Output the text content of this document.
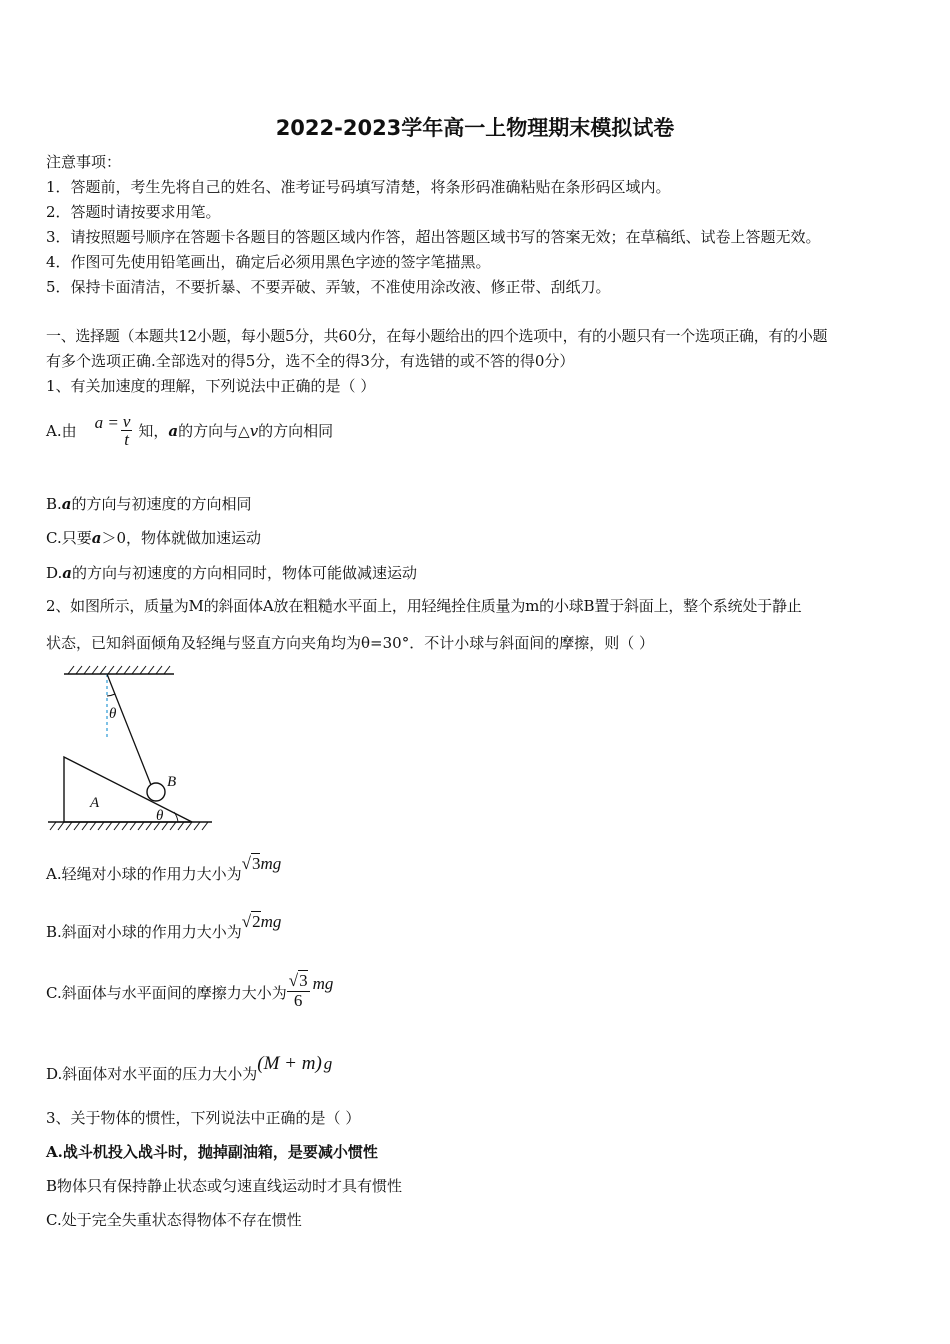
2022-2023学年高一上物理期末模拟试卷
注意事项：
1．答题前，考生先将自己的姓名、准考证号码填写清楚，将条形码准确粘贴在条形码区域内。
2．答题时请按要求用笔。
3．请按照题号顺序在答题卡各题目的答题区域内作答，超出答题区域书写的答案无效；在草稿纸、试卷上答题无效。
4．作图可先使用铅笔画出，确定后必须用黑色字迹的签字笔描黑。
5．保持卡面清洁，不要折暴、不要弄破、弄皱，不准使用涂改液、修正带、刮纸刀。
一、选择题（本题共12小题，每小题5分，共60分，在每小题给出的四个选项中，有的小题只有一个选项正确，有的小题
有多个选项正确.全部选对的得5分，选不全的得3分，有选错的或不答的得0分）
1、有关加速度的理解，下列说法中正确的是（ ）
A.由 $a = \frac{v}{t}$ 知， a 的方向与△ v 的方向相同
B.a的方向与初速度的方向相同
C.只要a＞0，物体就做加速运动
D.a的方向与初速度的方向相同时，物体可能做减速运动
2、如图所示，质量为M的斜面体A放在粗糙水平面上，用轻绳拴住质量为m的小球B置于斜面上，整个系统处于静止
状态，已知斜面倾角及轻绳与竖直方向夹角均为θ=30°．不计小球与斜面间的摩擦，则（ ）
θ
B
A
θ
A.轻绳对小球的作用力大小为
√3mg
B.斜面对小球的作用力大小为
√2mg
C.斜面体与水平面间的摩擦力大小为 $\frac{√3}{6}$ mg
D.斜面体对水平面的压力大小为 (M + m) g
3、关于物体的惯性，下列说法中正确的是（ ）
A.战斗机投入战斗时，抛掉副油箱，是要减小惯性
B物体只有保持静止状态或匀速直线运动时才具有惯性
C.处于完全失重状态得物体不存在惯性
